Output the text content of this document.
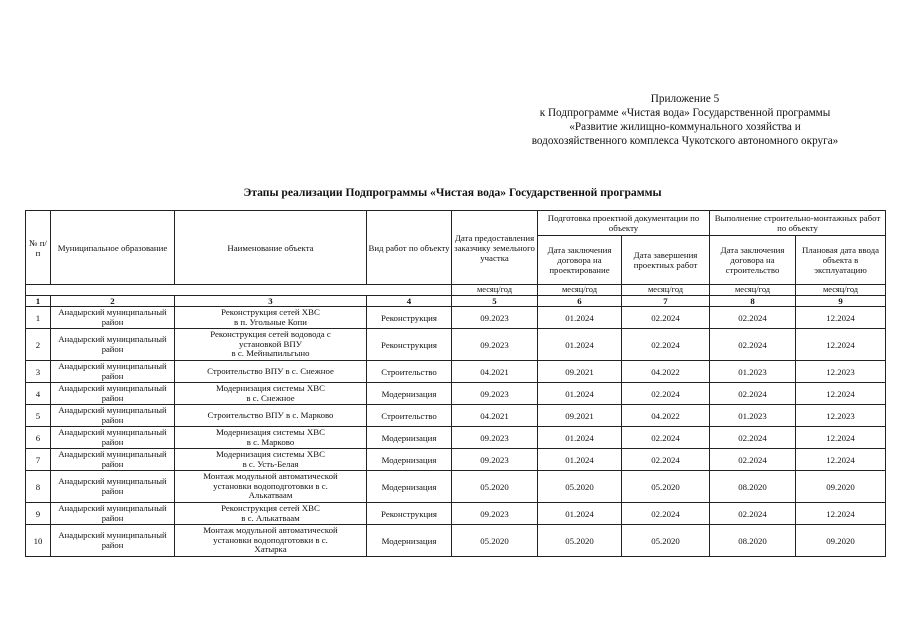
Приложение 5
к Подпрограмме «Чистая вода» Государственной программы
«Развитие жилищно-коммунального хозяйства и
водохозяйственного комплекса Чукотского автономного округа»
Этапы реализации Подпрограммы «Чистая вода» Государственной программы
№ п/п	Муниципальное образование	Наименование объекта	Вид работ по объекту	Дата предоставления заказчику земельного участка	Подготовка проектной документации по объекту		Выполнение строительно-монтажных работ по объекту	
					Дата заключения договора на проектирование	Дата завершения проектных работ	Дата заключения договора на строительство	Плановая дата ввода объекта в эксплуатацию
				месяц/год	месяц/год	месяц/год	месяц/год	месяц/год
1	2	3	4	5	6	7	8	9
1	Анадырский муниципальный район	Реконструкция сетей ХВС
в п. Угольные Копи	Реконструкция	09.2023	01.2024	02.2024	02.2024	12.2024
2	Анадырский муниципальный район	Реконструкция сетей водовода с
установкой ВПУ
в с. Мейныпильгыно	Реконструкция	09.2023	01.2024	02.2024	02.2024	12.2024
3	Анадырский муниципальный район	Строительство ВПУ в с. Снежное	Строительство	04.2021	09.2021	04.2022	01.2023	12.2023
4	Анадырский муниципальный район	Модернизация системы ХВС
в с. Снежное	Модернизация	09.2023	01.2024	02.2024	02.2024	12.2024
5	Анадырский муниципальный район	Строительство ВПУ в с. Марково	Строительство	04.2021	09.2021	04.2022	01.2023	12.2023
6	Анадырский муниципальный район	Модернизация системы ХВС
в с. Марково	Модернизация	09.2023	01.2024	02.2024	02.2024	12.2024
7	Анадырский муниципальный район	Модернизация системы ХВС
в с. Усть-Белая	Модернизация	09.2023	01.2024	02.2024	02.2024	12.2024
8	Анадырский муниципальный район	Монтаж модульной автоматической
установки водоподготовки в с.
Алькатваам	Модернизация	05.2020	05.2020	05.2020	08.2020	09.2020
9	Анадырский муниципальный район	Реконструкция сетей ХВС
в с. Алькатваам	Реконструкция	09.2023	01.2024	02.2024	02.2024	12.2024
10	Анадырский муниципальный район	Монтаж модульной автоматической
установки водоподготовки в с.
Хатырка	Модернизация	05.2020	05.2020	05.2020	08.2020	09.2020
